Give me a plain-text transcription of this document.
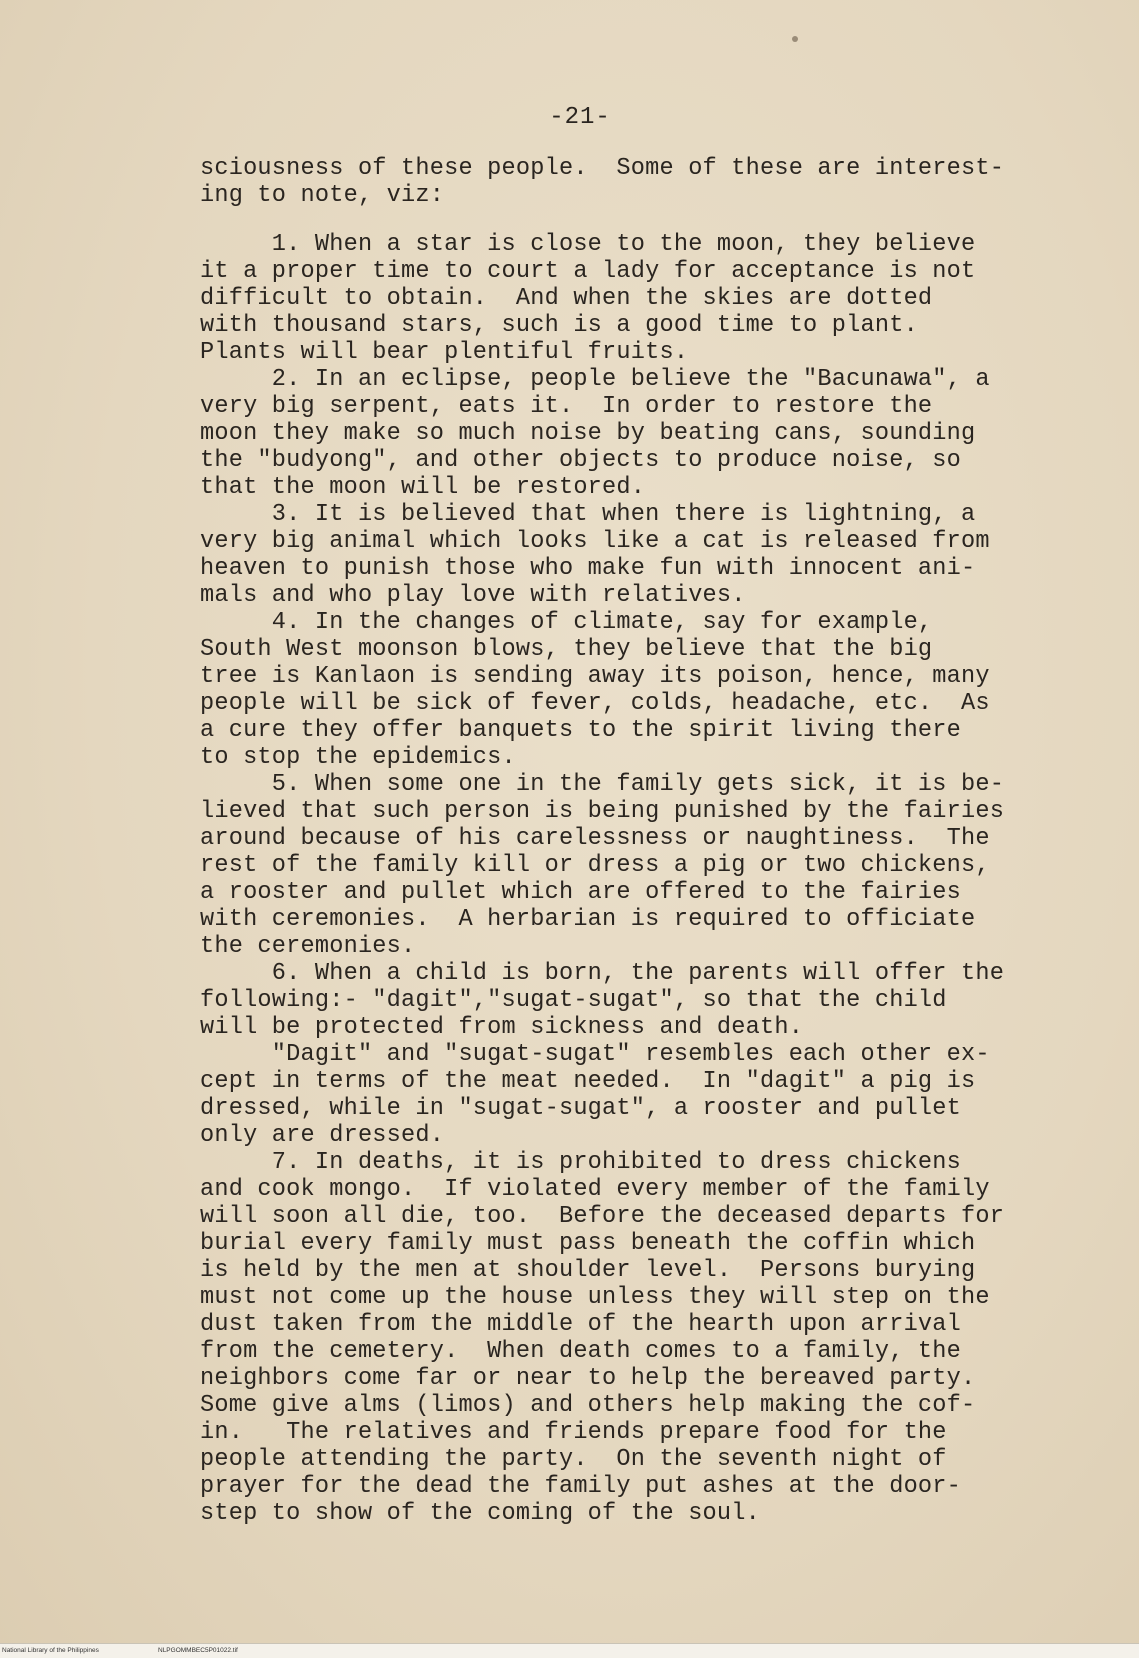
-21-
sciousness of these people.  Some of these are interest-
ing to note, viz:
1. When a star is close to the moon, they believe
it a proper time to court a lady for acceptance is not
difficult to obtain.  And when the skies are dotted
with thousand stars, such is a good time to plant.
Plants will bear plentiful fruits.
2. In an eclipse, people believe the "Bacunawa", a
very big serpent, eats it.  In order to restore the
moon they make so much noise by beating cans, sounding
the "budyong", and other objects to produce noise, so
that the moon will be restored.
3. It is believed that when there is lightning, a
very big animal which looks like a cat is released from
heaven to punish those who make fun with innocent ani-
mals and who play love with relatives.
4. In the changes of climate, say for example,
South West moonson blows, they believe that the big
tree is Kanlaon is sending away its poison, hence, many
people will be sick of fever, colds, headache, etc.  As
a cure they offer banquets to the spirit living there
to stop the epidemics.
5. When some one in the family gets sick, it is be-
lieved that such person is being punished by the fairies
around because of his carelessness or naughtiness.  The
rest of the family kill or dress a pig or two chickens,
a rooster and pullet which are offered to the fairies
with ceremonies.  A herbarian is required to officiate
the ceremonies.
6. When a child is born, the parents will offer the
following:- "dagit","sugat-sugat", so that the child
will be protected from sickness and death.
"Dagit" and "sugat-sugat" resembles each other ex-
cept in terms of the meat needed.  In "dagit" a pig is
dressed, while in "sugat-sugat", a rooster and pullet
only are dressed.
7. In deaths, it is prohibited to dress chickens
and cook mongo.  If violated every member of the family
will soon all die, too.  Before the deceased departs for
burial every family must pass beneath the coffin which
is held by the men at shoulder level.  Persons burying
must not come up the house unless they will step on the
dust taken from the middle of the hearth upon arrival
from the cemetery.  When death comes to a family, the
neighbors come far or near to help the bereaved party.
Some give alms (limos) and others help making the cof-
in.   The relatives and friends prepare food for the
people attending the party.  On the seventh night of
prayer for the dead the family put ashes at the door-
step to show of the coming of the soul.
National Library of the Philippines	NLPGOMMBEC5P01022.tif
